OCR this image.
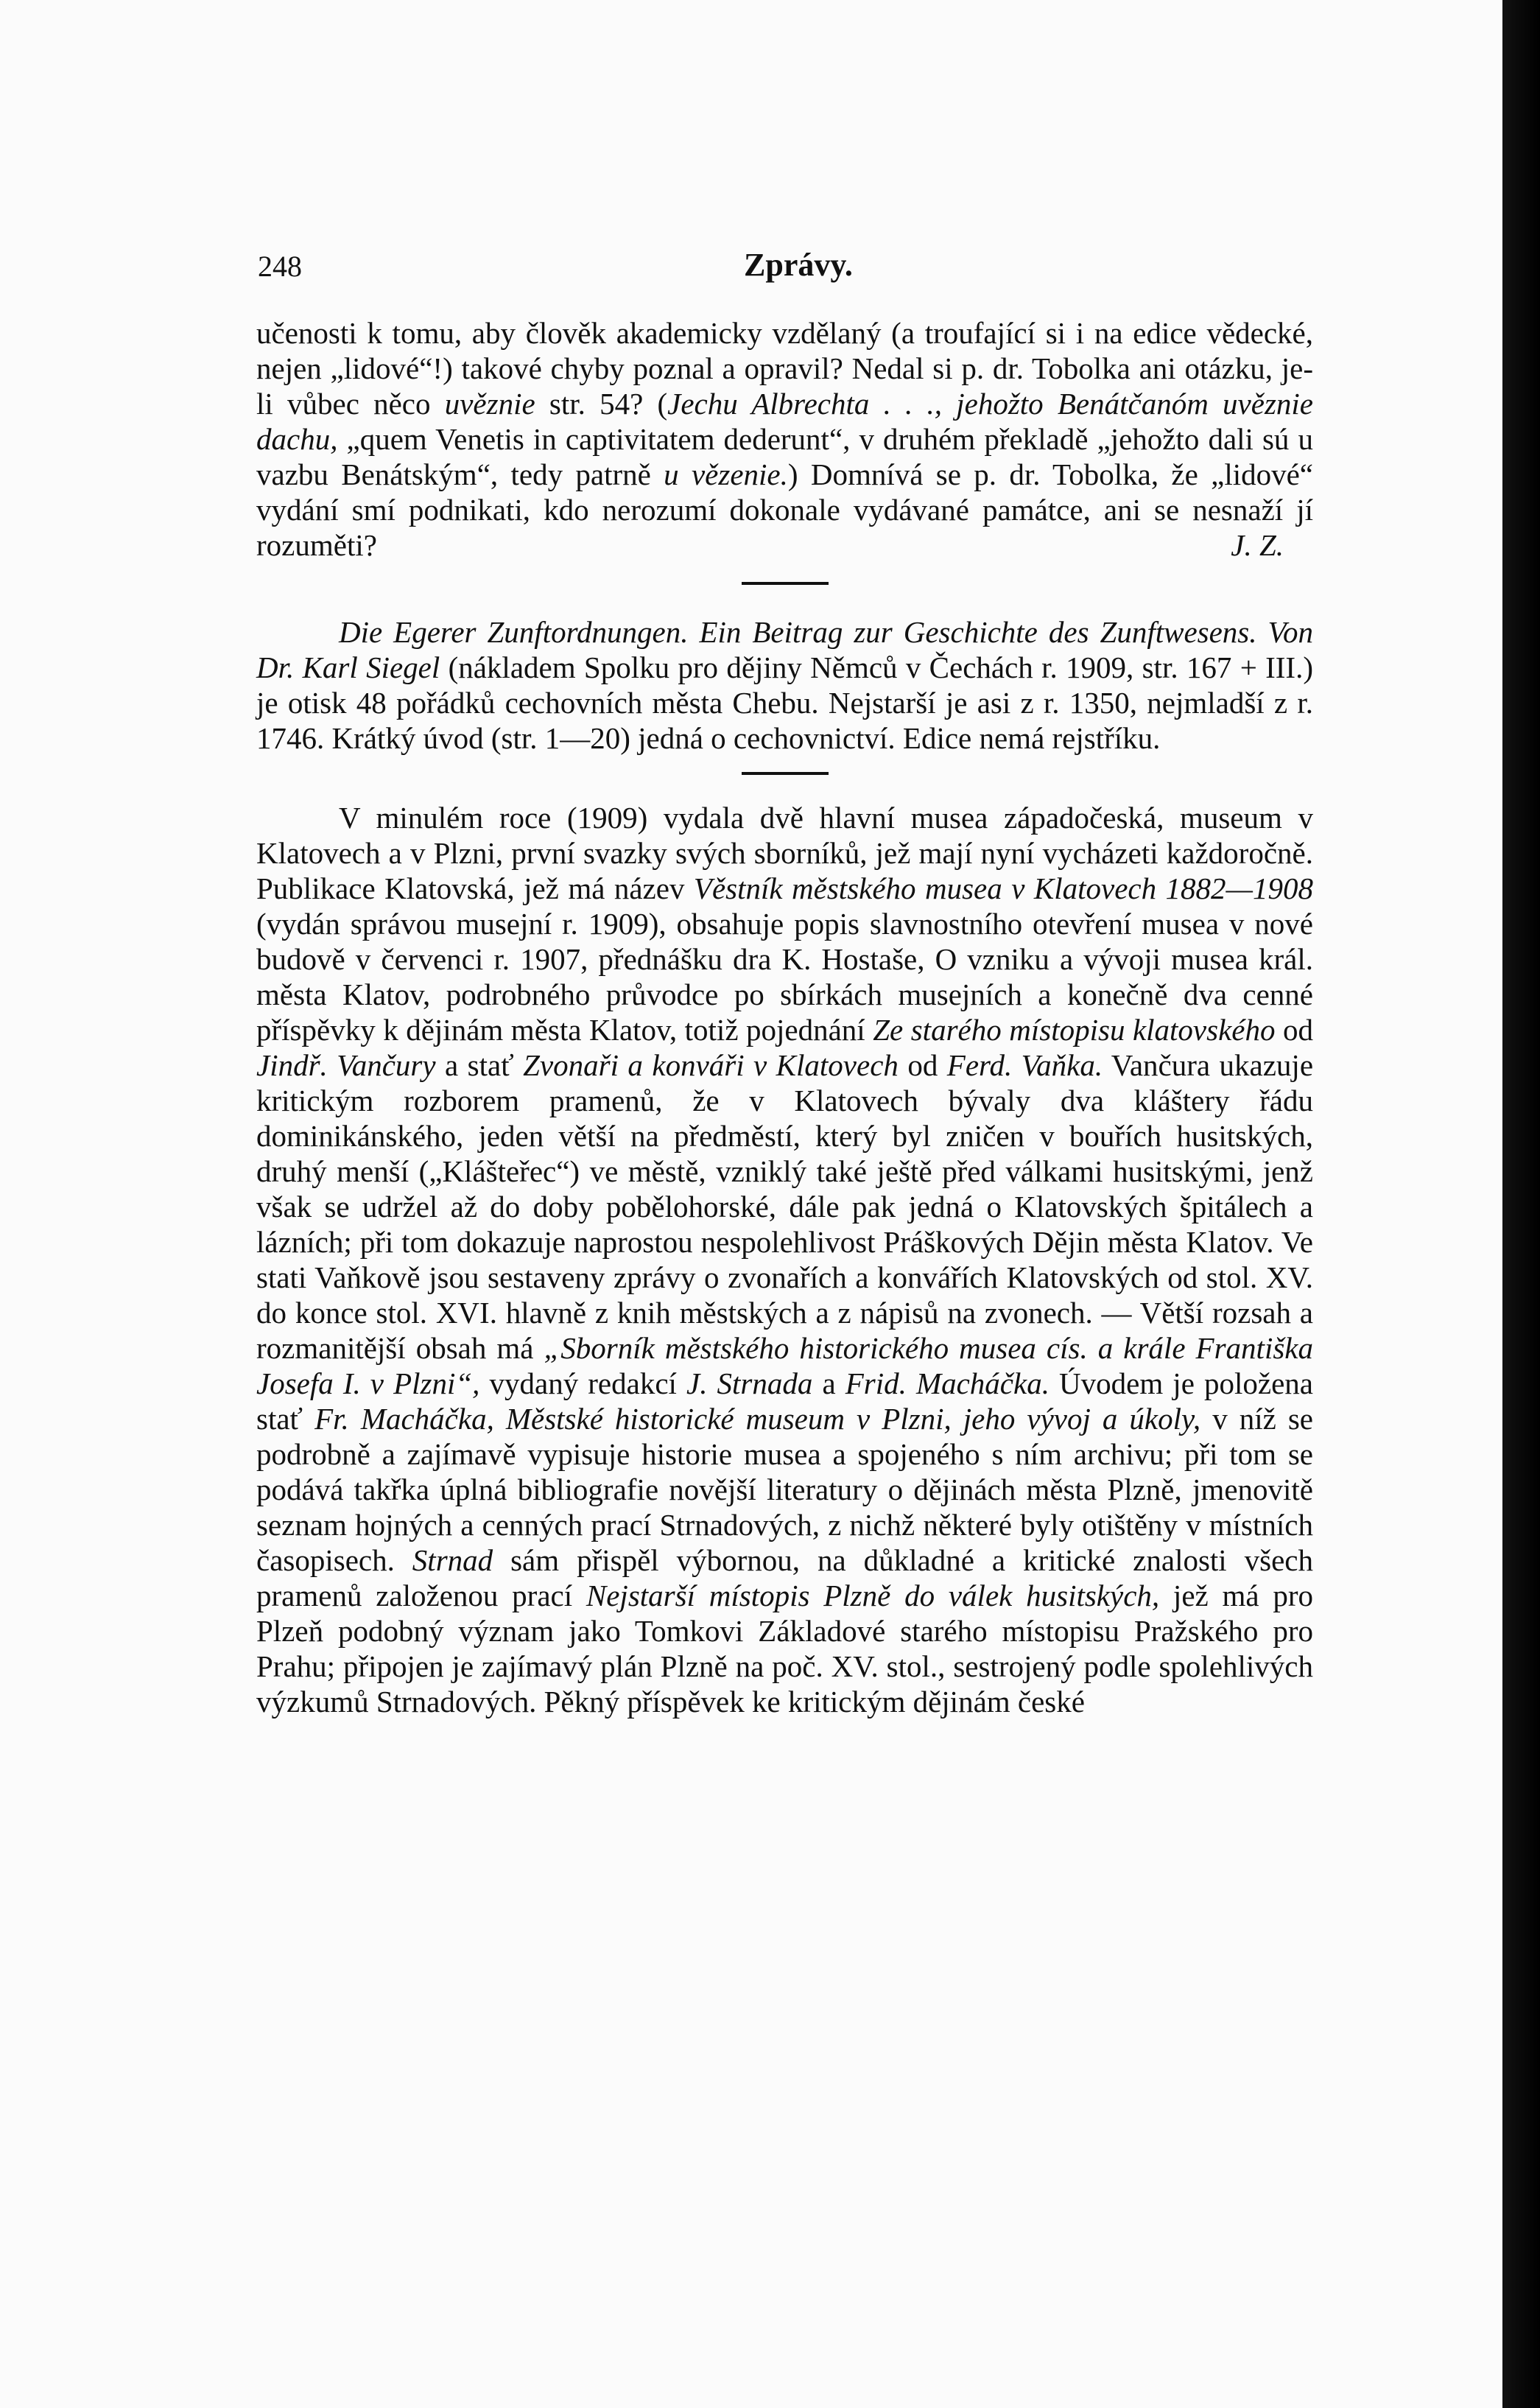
248	Zprávy.

učenosti k tomu, aby člověk akademicky vzdělaný (a troufající si i na edice vědecké, nejen „lidové“!) takové chyby poznal a opravil? Nedal si p. dr. Tobolka ani otázku, je-li vůbec něco uvěznie str. 54? (Jechu Albrechta . . ., jehožto Benátčanóm uvěznie dachu, „quem Venetis in captivitatem dederunt“, v druhém překladě „jehožto dali sú u vazbu Benátským“, tedy patrně u vězenie.) Domnívá se p. dr. Tobolka, že „lidové“ vydání smí podnikati, kdo nerozumí dokonale vydávané památce, ani se nesnaží jí rozuměti?	J. Z.

Die Egerer Zunftordnungen. Ein Beitrag zur Geschichte des Zunftwesens. Von Dr. Karl Siegel (nákladem Spolku pro dějiny Němců v Čechách r. 1909, str. 167 + III.) je otisk 48 pořádků cechovních města Chebu. Nejstarší je asi z r. 1350, nejmladší z r. 1746. Krátký úvod (str. 1—20) jedná o cechovnictví. Edice nemá rejstříku.

V minulém roce (1909) vydala dvě hlavní musea západočeská, museum v Klatovech a v Plzni, první svazky svých sborníků, jež mají nyní vycházeti každoročně. Publikace Klatovská, jež má název Věstník městského musea v Klatovech 1882—1908 (vydán správou musejní r. 1909), obsahuje popis slavnostního otevření musea v nové budově v červenci r. 1907, přednášku dra K. Hostaše, O vzniku a vývoji musea král. města Klatov, podrobného průvodce po sbírkách musejních a konečně dva cenné příspěvky k dějinám města Klatov, totiž pojednání Ze starého místopisu klatovského od Jindř. Vančury a stať Zvonaři a konváři v Klatovech od Ferd. Vaňka. Vančura ukazuje kritickým rozborem pramenů, že v Klatovech bývaly dva kláštery řádu dominikánského, jeden větší na předměstí, který byl zničen v bouřích husitských, druhý menší („Klášteřec“) ve městě, vzniklý také ještě před válkami husitskými, jenž však se udržel až do doby pobělohorské, dále pak jedná o Klatovských špitálech a lázních; při tom dokazuje naprostou nespolehlivost Práškových Dějin města Klatov. Ve stati Vaňkově jsou sestaveny zprávy o zvonařích a konvářích Klatovských od stol. XV. do konce stol. XVI. hlavně z knih městských a z nápisů na zvonech. — Větší rozsah a rozmanitější obsah má „Sborník městského historického musea cís. a krále Františka Josefa I. v Plzni“, vydaný redakcí J. Strnada a Frid. Macháčka. Úvodem je položena stať Fr. Macháčka, Městské historické museum v Plzni, jeho vývoj a úkoly, v níž se podrobně a zajímavě vypisuje historie musea a spojeného s ním archivu; při tom se podává takřka úplná bibliografie novější literatury o dějinách města Plzně, jmenovitě seznam hojných a cenných prací Strnadových, z nichž některé byly otištěny v místních časopisech. Strnad sám přispěl výbornou, na důkladné a kritické znalosti všech pramenů založenou prací Nejstarší místopis Plzně do válek husitských, jež má pro Plzeň podobný význam jako Tomkovi Základové starého místopisu Pražského pro Prahu; připojen je zajímavý plán Plzně na poč. XV. stol., sestrojený podle spolehlivých výzkumů Strnadových. Pěkný příspěvek ke kritickým dějinám české
